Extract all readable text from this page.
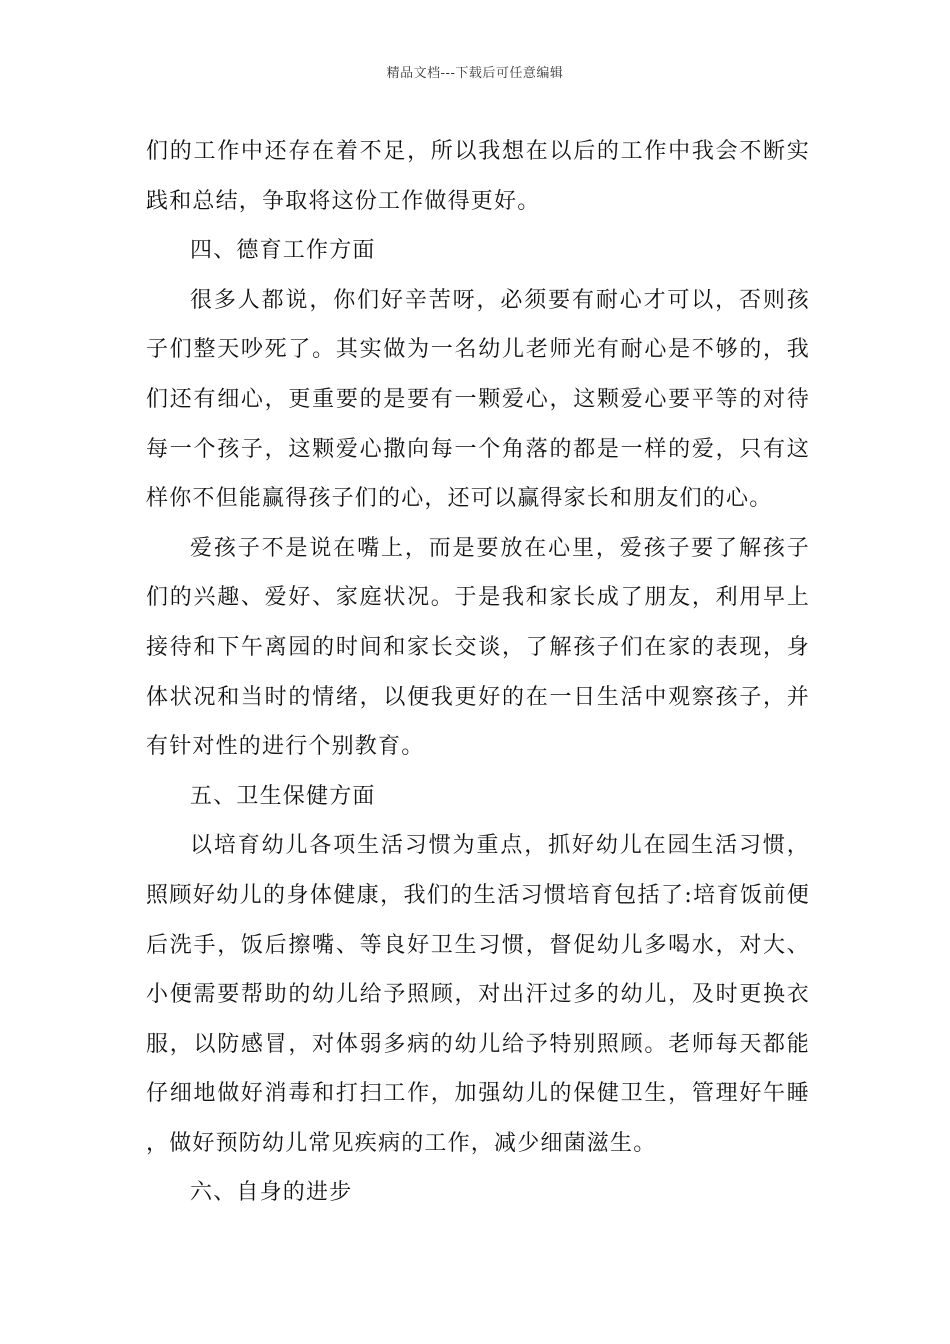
精品文档---下载后可任意编辑

们的工作中还存在着不足，所以我想在以后的工作中我会不断实践和总结，争取将这份工作做得更好。

四、德育工作方面

很多人都说，你们好辛苦呀，必须要有耐心才可以，否则孩子们整天吵死了。其实做为一名幼儿老师光有耐心是不够的，我们还有细心，更重要的是要有一颗爱心，这颗爱心要平等的对待每一个孩子，这颗爱心撒向每一个角落的都是一样的爱，只有这样你不但能赢得孩子们的心，还可以赢得家长和朋友们的心。

爱孩子不是说在嘴上，而是要放在心里，爱孩子要了解孩子们的兴趣、爱好、家庭状况。于是我和家长成了朋友，利用早上接待和下午离园的时间和家长交谈，了解孩子们在家的表现，身体状况和当时的情绪，以便我更好的在一日生活中观察孩子，并有针对性的进行个别教育。

五、卫生保健方面

以培育幼儿各项生活习惯为重点，抓好幼儿在园生活习惯，照顾好幼儿的身体健康，我们的生活习惯培育包括了:培育饭前便后洗手，饭后擦嘴、等良好卫生习惯，督促幼儿多喝水，对大、小便需要帮助的幼儿给予照顾，对出汗过多的幼儿，及时更换衣服，以防感冒，对体弱多病的幼儿给予特别照顾。老师每天都能仔细地做好消毒和打扫工作，加强幼儿的保健卫生，管理好午睡，做好预防幼儿常见疾病的工作，减少细菌滋生。

六、自身的进步
